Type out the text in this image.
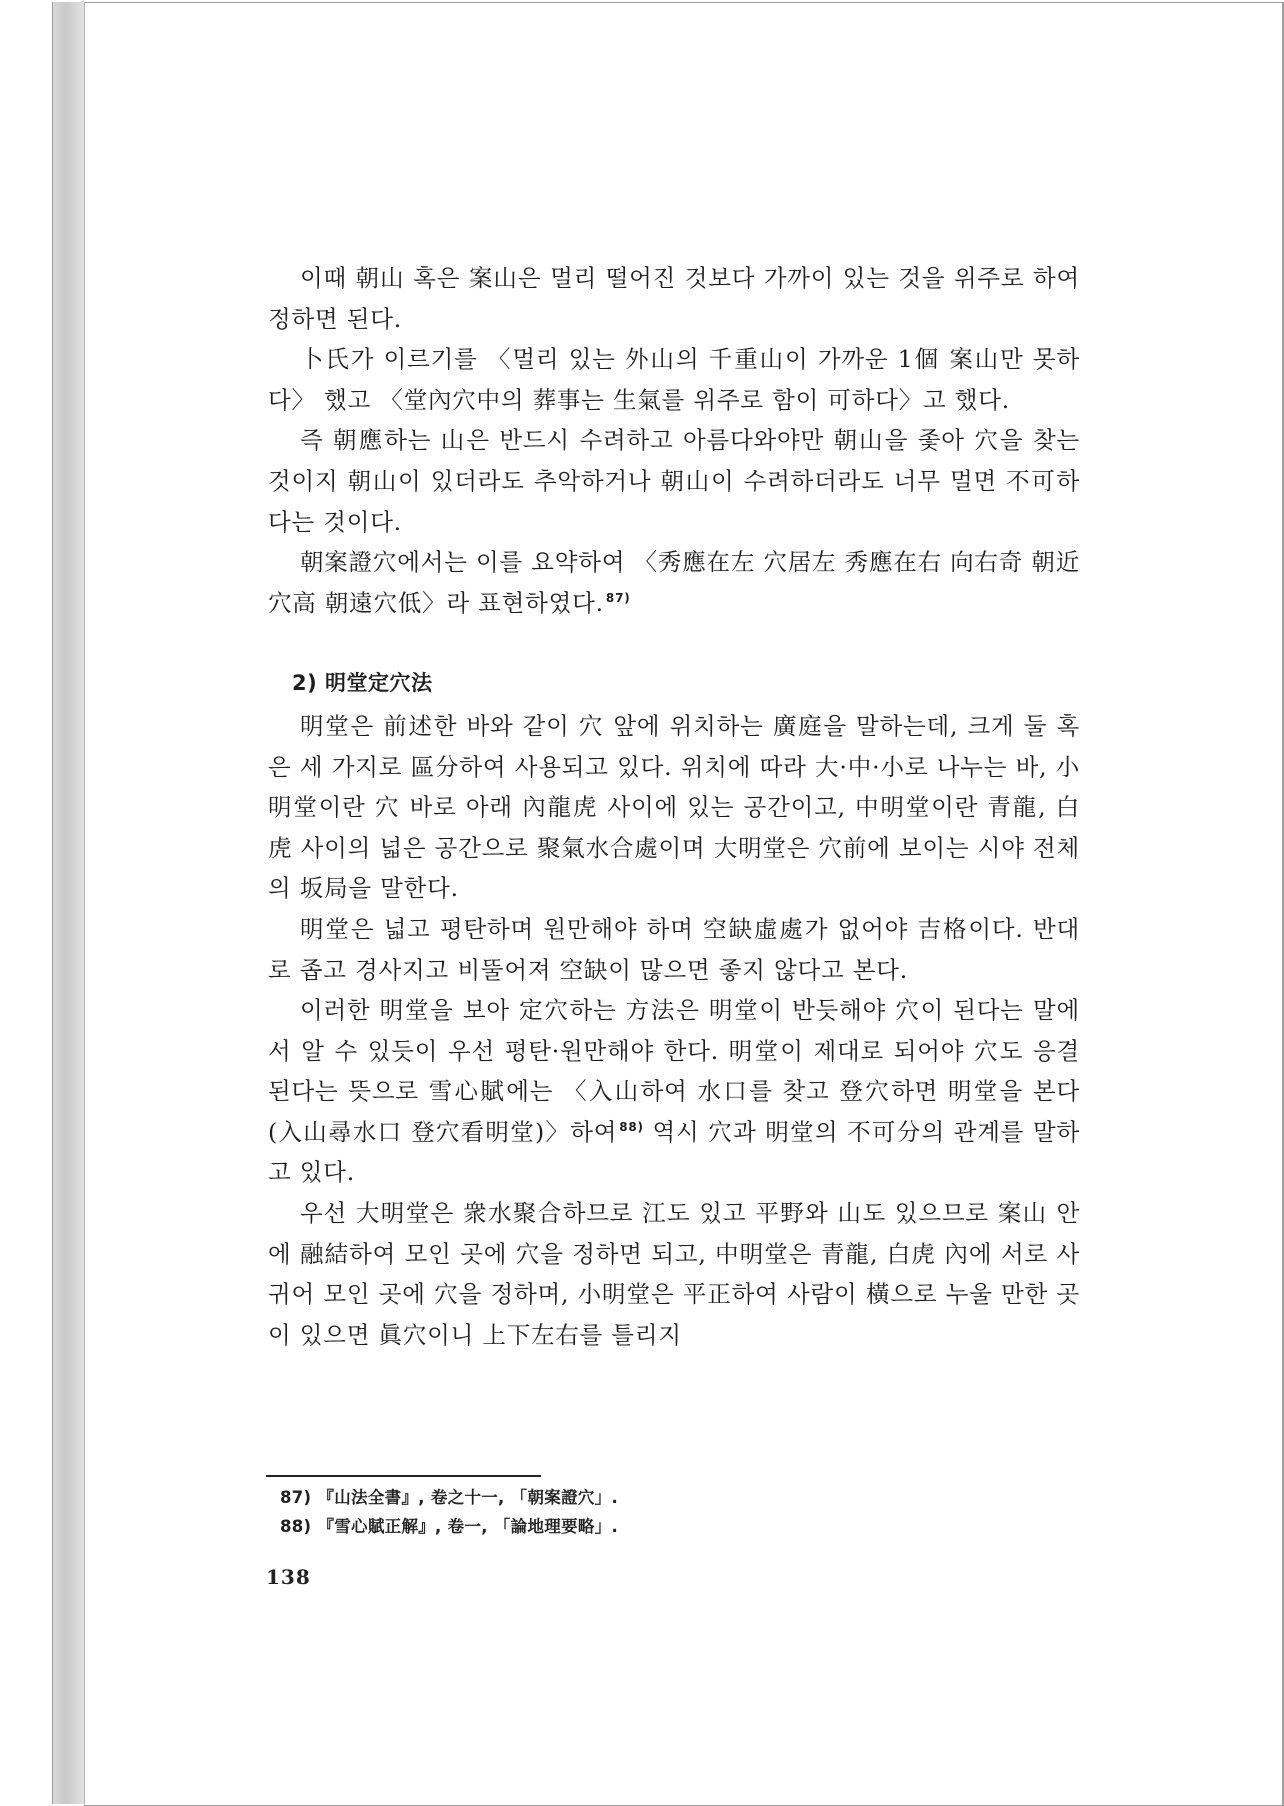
이때 朝山 혹은 案山은 멀리 떨어진 것보다 가까이 있는 것을 위주로 하여 정하면 된다.

卜氏가 이르기를 〈멀리 있는 外山의 千重山이 가까운 1個 案山만 못하다〉 했고 〈堂內穴中의 葬事는 生氣를 위주로 함이 可하다〉고 했다.

즉 朝應하는 山은 반드시 수려하고 아름다와야만 朝山을 좇아 穴을 찾는 것이지 朝山이 있더라도 추악하거나 朝山이 수려하더라도 너무 멀면 不可하다는 것이다.

朝案證穴에서는 이를 요약하여 〈秀應在左 穴居左 秀應在右 向右奇 朝近穴高 朝遠穴低〉라 표현하였다. $^{87)}$

2) 明堂定穴法

明堂은 前述한 바와 같이 穴 앞에 위치하는 廣庭을 말하는데, 크게 둘 혹은 세 가지로 區分하여 사용되고 있다. 위치에 따라 大·中·小로 나누는 바, 小明堂이란 穴 바로 아래 內龍虎 사이에 있는 공간이고, 中明堂이란 青龍, 白虎 사이의 넓은 공간으로 聚氣水合處이며 大明堂은 穴前에 보이는 시야 전체의 坂局을 말한다.

明堂은 넓고 평탄하며 원만해야 하며 空缺虛處가 없어야 吉格이다. 반대로 좁고 경사지고 비뚤어져 空缺이 많으면 좋지 않다고 본다.

이러한 明堂을 보아 定穴하는 方法은 明堂이 반듯해야 穴이 된다는 말에서 알 수 있듯이 우선 평탄·원만해야 한다. 明堂이 제대로 되어야 穴도 응결된다는 뜻으로 雪心賦에는 〈入山하여 水口를 찾고 登穴하면 明堂을 본다(入山尋水口 登穴看明堂)〉하여 $^{88)}$ 역시 穴과 明堂의 不可分의 관계를 말하고 있다.

우선 大明堂은 衆水聚合하므로 江도 있고 平野와 山도 있으므로 案山 안에 融結하여 모인 곳에 穴을 정하면 되고, 中明堂은 青龍, 白虎 內에 서로 사귀어 모인 곳에 穴을 정하며, 小明堂은 平正하여 사람이 橫으로 누울 만한 곳이 있으면 眞穴이니 上下左右를 틀리지

87) 『山法全書』, 卷之十一, 「朝案證穴」.

88) 『雪心賦正解』, 卷一, 「論地理要略」.

138
